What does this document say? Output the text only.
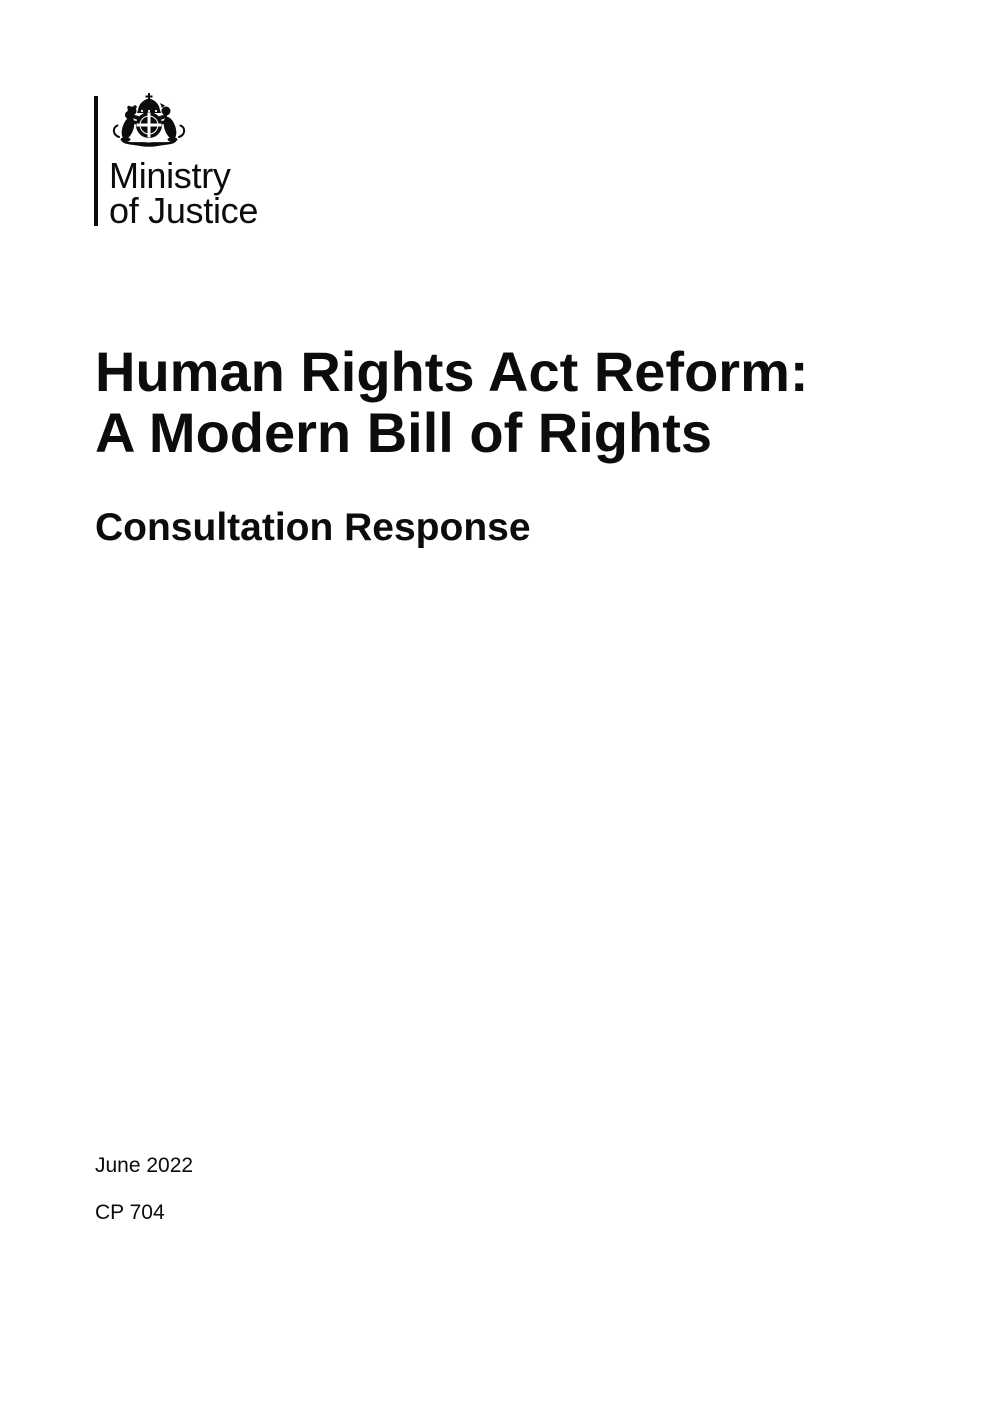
Ministry
of Justice
Human Rights Act Reform:
A Modern Bill of Rights
Consultation Response

June 2022

CP 704
